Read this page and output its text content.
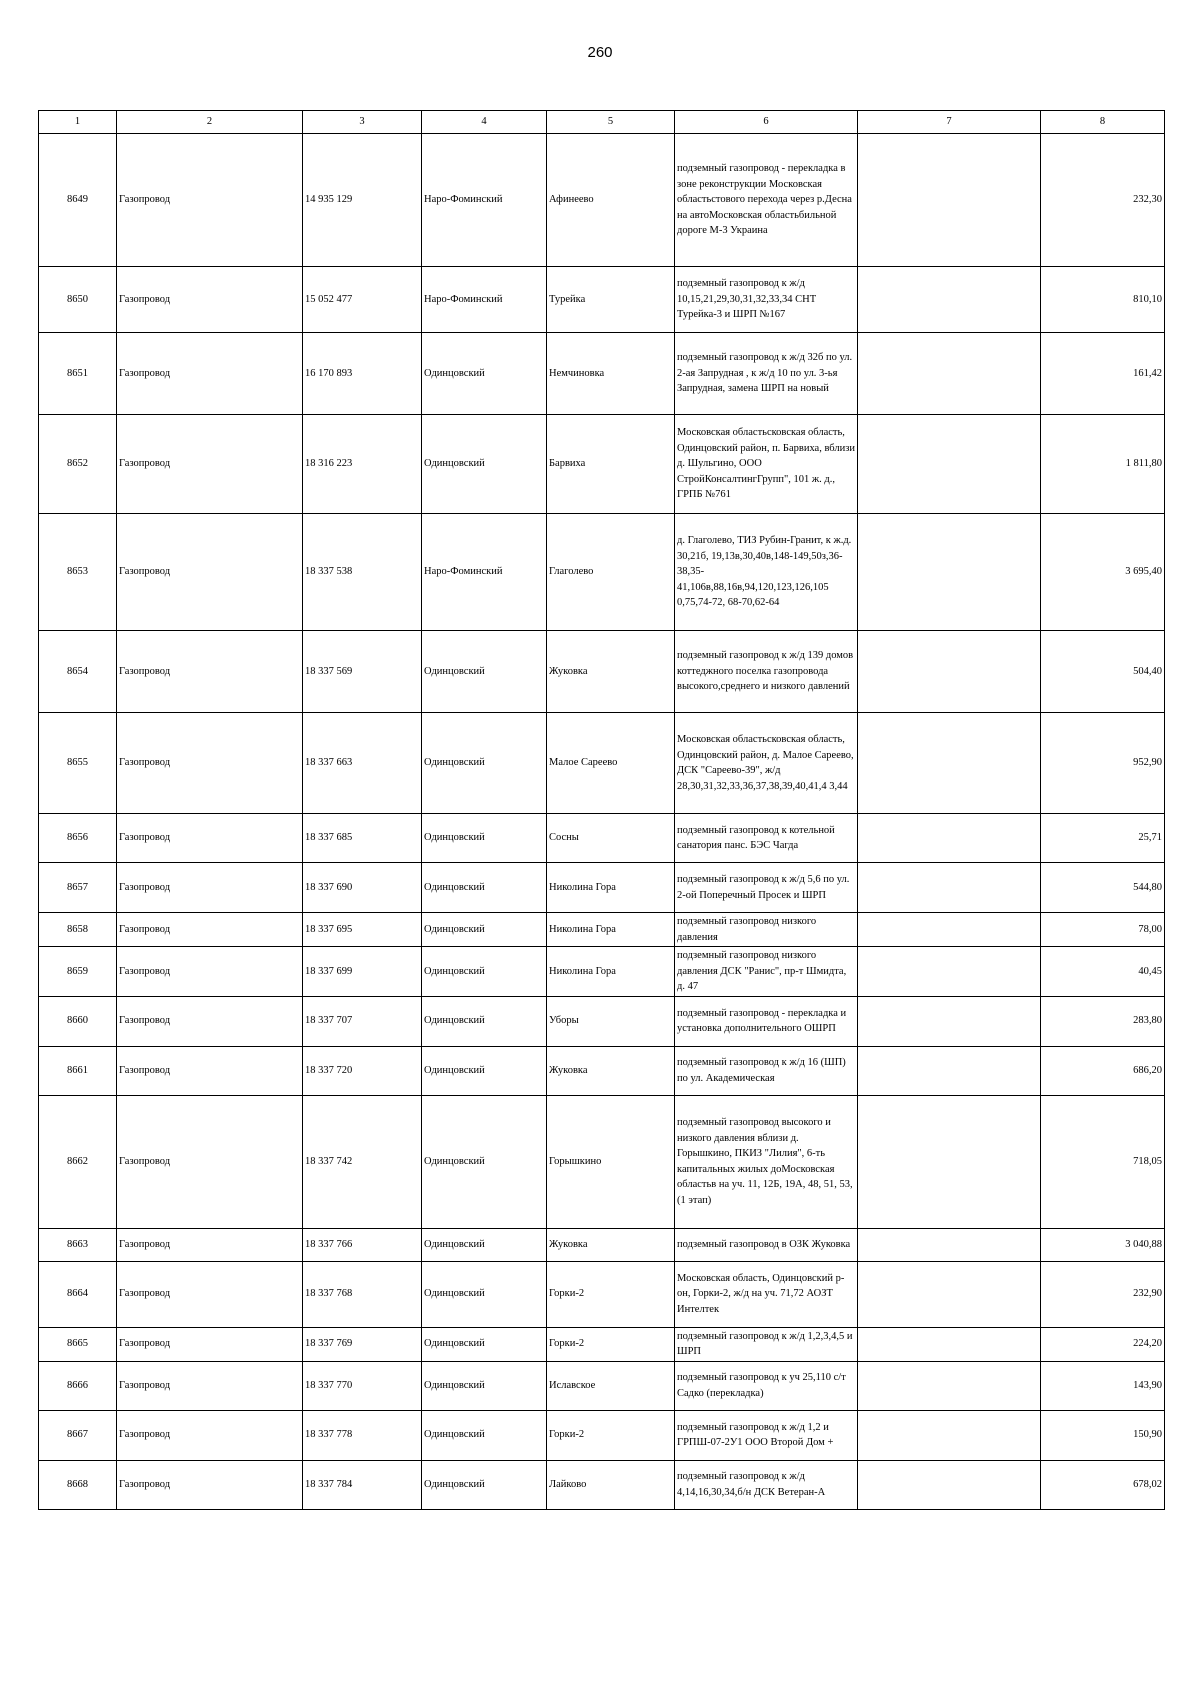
260
1	2	3	4	5	6	7	8
8649	Газопровод	14 935 129	Наро-Фоминский	Афинеево	подземный газопровод - перекладка в зоне реконструкции Московская областьстового перехода через р.Десна на автоМосковская областьбильной дороге М-3 Украина		232,30
8650	Газопровод	15 052 477	Наро-Фоминский	Турейка	подземный газопровод к ж/д 10,15,21,29,30,31,32,33,34 СНТ Турейка-3 и ШРП №167		810,10
8651	Газопровод	16 170 893	Одинцовский	Немчиновка	подземный газопровод к ж/д 32б по ул. 2-ая Запрудная , к ж/д 10 по ул. 3-ья Запрудная, замена ШРП на новый		161,42
8652	Газопровод	18 316 223	Одинцовский	Барвиха	Московская областьсковская область, Одинцовский район, п. Барвиха, вблизи д. Шульгино, ООО СтройКонсалтингГрупп", 101 ж. д., ГРПБ №761		1 811,80
8653	Газопровод	18 337 538	Наро-Фоминский	Глаголево	д. Глаголево, ТИЗ Рубин-Гранит, к ж.д. 30,21б, 19,13в,30,40в,148-149,50з,36-38,35-41,106в,88,16в,94,120,123,126,105 0,75,74-72, 68-70,62-64		3 695,40
8654	Газопровод	18 337 569	Одинцовский	Жуковка	подземный газопровод к ж/д 139 домов коттеджного поселка газопровода высокого,среднего и низкого давлений		504,40
8655	Газопровод	18 337 663	Одинцовский	Малое Сареево	Московская областьсковская область, Одинцовский район, д. Малое Сареево, ДСК "Сареево-39", ж/д 28,30,31,32,33,36,37,38,39,40,41,4 3,44		952,90
8656	Газопровод	18 337 685	Одинцовский	Сосны	подземный газопровод к котельной санатория панс. БЭС Чагда		25,71
8657	Газопровод	18 337 690	Одинцовский	Николина Гора	подземный газопровод к ж/д 5,6 по ул. 2-ой Поперечный Просек и ШРП		544,80
8658	Газопровод	18 337 695	Одинцовский	Николина Гора	подземный газопровод низкого давления		78,00
8659	Газопровод	18 337 699	Одинцовский	Николина Гора	подземный газопровод низкого давления ДСК "Ранис", пр-т Шмидта, д. 47		40,45
8660	Газопровод	18 337 707	Одинцовский	Уборы	подземный газопровод - перекладка и установка дополнительного ОШРП		283,80
8661	Газопровод	18 337 720	Одинцовский	Жуковка	подземный газопровод к ж/д 16 (ШП) по ул. Академическая		686,20
8662	Газопровод	18 337 742	Одинцовский	Горышкино	подземный газопровод высокого и низкого давления вблизи д. Горышкино, ПКИЗ "Лилия", 6-ть капитальных жилых доМосковская областьв на уч. 11, 12Б, 19А, 48, 51, 53, (1 этап)		718,05
8663	Газопровод	18 337 766	Одинцовский	Жуковка	подземный газопровод в ОЗК Жуковка		3 040,88
8664	Газопровод	18 337 768	Одинцовский	Горки-2	Московская область, Одинцовский р-он, Горки-2, ж/д на уч. 71,72 АОЗТ Интелтек		232,90
8665	Газопровод	18 337 769	Одинцовский	Горки-2	подземный газопровод к ж/д 1,2,3,4,5 и ШРП		224,20
8666	Газопровод	18 337 770	Одинцовский	Иславское	подземный газопровод к уч 25,110 с/т Садко (перекладка)		143,90
8667	Газопровод	18 337 778	Одинцовский	Горки-2	подземный газопровод к ж/д 1,2 и ГРПШ-07-2У1 ООО Второй Дом +		150,90
8668	Газопровод	18 337 784	Одинцовский	Лайково	подземный газопровод к ж/д 4,14,16,30,34,б/н ДСК Ветеран-А		678,02
